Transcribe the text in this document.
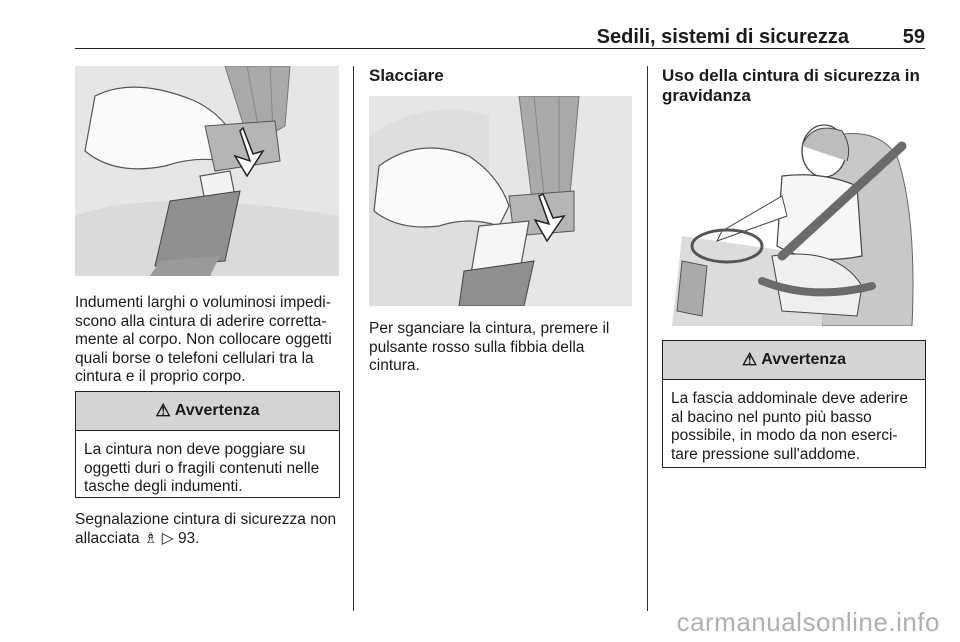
Sedili, sistemi di sicurezza	59

Indumenti larghi o voluminosi impedi-scono alla cintura di aderire corretta-mente al corpo. Non collocare oggetti quali borse o telefoni cellulari tra la cintura e il proprio corpo.

⚠ Avvertenza
La cintura non deve poggiare su oggetti duri o fragili contenuti nelle tasche degli indumenti.

Segnalazione cintura di sicurezza non allacciata ♗ ▷ 93.

Slacciare

Per sganciare la cintura, premere il pulsante rosso sulla fibbia della cintura.

Uso della cintura di sicurezza in gravidanza
⚠ Avvertenza
La fascia addominale deve aderire al bacino nel punto più basso possibile, in modo da non eserci-tare pressione sull'addome.
carmanualsonline.info
